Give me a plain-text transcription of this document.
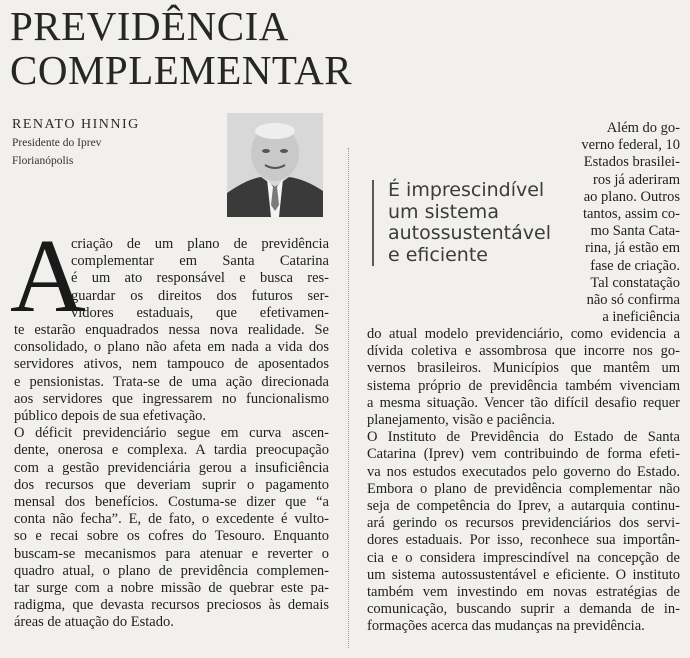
PREVIDÊNCIA
COMPLEMENTAR
RENATO HINNIG
Presidente do Iprev
Florianópolis
A
criação de um plano de previdência
complementar em Santa Catarina
é um ato responsável e busca res-
guardar os direitos dos futuros ser-
vidores estaduais, que efetivamen-
te estarão enquadrados nessa nova realidade. Se
consolidado, o plano não afeta em nada a vida dos
servidores ativos, nem tampouco de aposentados
e pensionistas. Trata-se de uma ação direcionada
aos servidores que ingressarem no funcionalismo
público depois de sua efetivação.
O déficit previdenciário segue em curva ascen-
dente, onerosa e complexa. A tardia preocupação
com a gestão previdenciária gerou a insuficiência
dos recursos que deveriam suprir o pagamento
mensal dos benefícios. Costuma-se dizer que “a
conta não fecha”. E, de fato, o excedente é vulto-
so e recai sobre os cofres do Tesouro. Enquanto
buscam-se mecanismos para atenuar e reverter o
quadro atual, o plano de previdência complemen-
tar surge com a nobre missão de quebrar este pa-
radigma, que devasta recursos preciosos às demais
áreas de atuação do Estado.
Além do go-
verno federal, 10
Estados brasilei-
ros já aderiram
ao plano. Outros
tantos, assim co-
mo Santa Cata-
rina, já estão em
fase de criação.
Tal constatação
não só confirma
a ineficiência
É imprescindível
um sistema
autossustentável
e eficiente
do atual modelo previdenciário, como evidencia a
dívida coletiva e assombrosa que incorre nos go-
vernos brasileiros. Municípios que mantêm um
sistema próprio de previdência também vivenciam
a mesma situação. Vencer tão difícil desafio requer
planejamento, visão e paciência.
O Instituto de Previdência do Estado de Santa
Catarina (Iprev) vem contribuindo de forma efeti-
va nos estudos executados pelo governo do Estado.
Embora o plano de previdência complementar não
seja de competência do Iprev, a autarquia continu-
ará gerindo os recursos previdenciários dos servi-
dores estaduais. Por isso, reconhece sua importân-
cia e o considera imprescindível na concepção de
um sistema autossustentável e eficiente. O instituto
também vem investindo em novas estratégias de
comunicação, buscando suprir a demanda de in-
formações acerca das mudanças na previdência.
